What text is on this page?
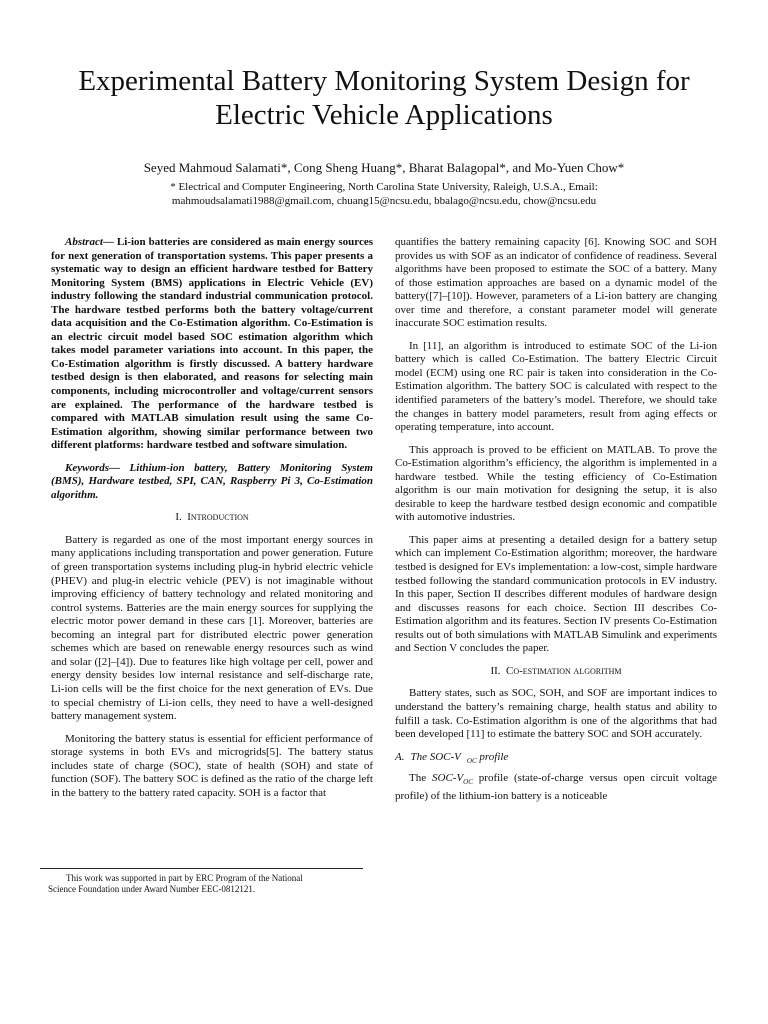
Experimental Battery Monitoring System Design for
Electric Vehicle Applications
Seyed Mahmoud Salamati*, Cong Sheng Huang*, Bharat Balagopal*, and Mo-Yuen Chow*
* Electrical and Computer Engineering, North Carolina State University, Raleigh, U.S.A., Email:
mahmoudsalamati1988@gmail.com, chuang15@ncsu.edu, bbalago@ncsu.edu, chow@ncsu.edu

Abstract— Li-ion batteries are considered as main energy sources for next generation of transportation systems. This paper presents a systematic way to design an efficient hardware testbed for Battery Monitoring System (BMS) applications in Electric Vehicle (EV) industry following the standard industrial communication protocol. The hardware testbed performs both the battery voltage/current data acquisition and the Co-Estimation algorithm. Co-Estimation is an electric circuit model based SOC estimation algorithm which takes model parameter variations into account. In this paper, the Co-Estimation algorithm is firstly discussed. A battery hardware testbed design is then elaborated, and reasons for selecting main components, including microcontroller and voltage/current sensors are explained. The performance of the hardware testbed is compared with MATLAB simulation result using the same Co-Estimation algorithm, showing similar performance between two different platforms: hardware testbed and software simulation.

Keywords— Lithium-ion battery, Battery Monitoring System (BMS), Hardware testbed, SPI, CAN, Raspberry Pi 3, Co-Estimation algorithm.

I. Introduction

Battery is regarded as one of the most important energy sources in many applications including transportation and power generation. Future of green transportation systems including plug-in hybrid electric vehicle (PHEV) and plug-in electric vehicle (PEV) is not imaginable without improving efficiency of battery technology and related monitoring and control systems. Batteries are the main energy sources for supplying the electric motor power demand in these cars [1]. Moreover, batteries are becoming an integral part for distributed electric power generation schemes which are based on renewable energy resources such as wind and solar ([2]–[4]). Due to features like high voltage per cell, power and energy density besides low internal resistance and self-discharge rate, Li-ion cells will be the first choice for the next generation of EVs. Due to special chemistry of Li-ion cells, they need to have a well-designed battery management system.

Monitoring the battery status is essential for efficient performance of storage systems in both EVs and microgrids[5]. The battery status includes state of charge (SOC), state of health (SOH) and state of function (SOF). The battery SOC is defined as the ratio of the charge left in the battery to the battery rated capacity. SOH is a factor that

quantifies the battery remaining capacity [6]. Knowing SOC and SOH provides us with SOF as an indicator of confidence of readiness. Several algorithms have been proposed to estimate the SOC of a battery. Many of those estimation approaches are based on a dynamic model of the battery([7]–[10]). However, parameters of a Li-ion battery are changing over time and therefore, a constant parameter model will generate inaccurate SOC estimation results.

In [11], an algorithm is introduced to estimate SOC of the Li-ion battery which is called Co-Estimation. The battery Electric Circuit model (ECM) using one RC pair is taken into consideration in the Co-Estimation algorithm. The battery SOC is calculated with respect to the identified parameters of the battery’s model. Therefore, we should take the changes in battery model parameters, result from aging effects or operating temperature, into account.

This approach is proved to be efficient on MATLAB. To prove the Co-Estimation algorithm’s efficiency, the algorithm is implemented in a hardware testbed. While the testing efficiency of Co-Estimation algorithm is our main motivation for designing the setup, it is also desirable to keep the hardware testbed design economic and compatible with automotive industries.

This paper aims at presenting a detailed design for a battery setup which can implement Co-Estimation algorithm; moreover, the hardware testbed is designed for EVs implementation: a low-cost, simple hardware testbed following the standard communication protocols in EV industry. In this paper, Section II describes different modules of hardware design and discusses reasons for each choice. Section III describes Co-Estimation algorithm and its features. Section IV presents Co-Estimation results out of both simulations with MATLAB Simulink and experiments and Section V concludes the paper.

II. Co-estimation algorithm

Battery states, such as SOC, SOH, and SOF are important indices to understand the battery’s remaining charge, health status and ability to fulfill a task. Co-Estimation algorithm is one of the algorithms that had been developed [11] to estimate the battery SOC and SOH accurately.

A. The SOC-V $_{OC}$ profile

The SOC-$V_{OC}$ profile (state-of-charge versus open circuit voltage profile) of the lithium-ion battery is a noticeable

This work was supported in part by ERC Program of the National
Science Foundation under Award Number EEC-0812121.
